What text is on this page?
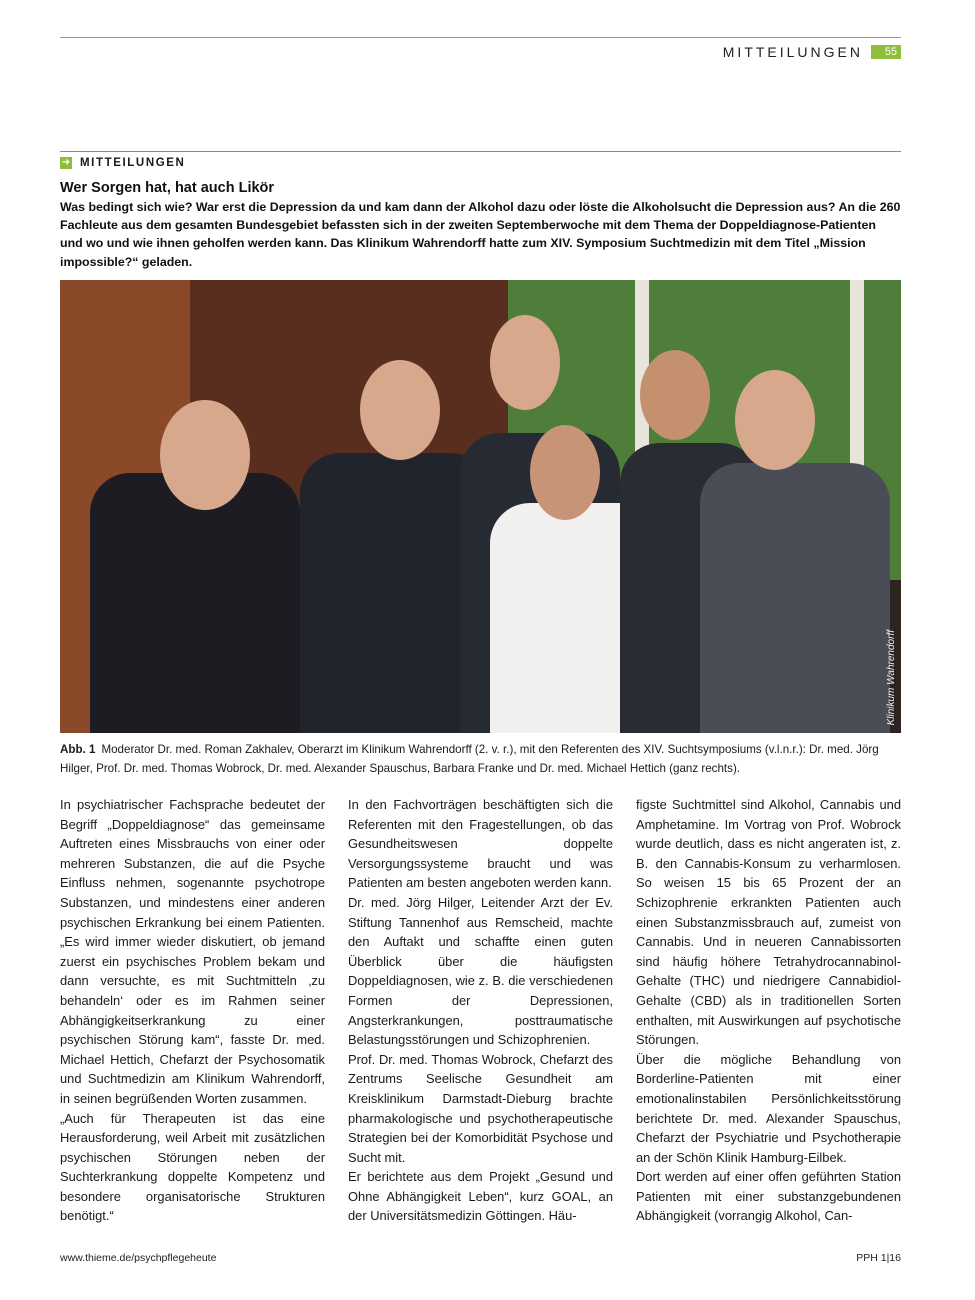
MITTEILUNGEN	55
➜ MITTEILUNGEN
Wer Sorgen hat, hat auch Likör
Was bedingt sich wie? War erst die Depression da und kam dann der Alkohol dazu oder löste die Alkoholsucht die Depression aus? An die 260 Fachleute aus dem gesamten Bundesgebiet befassten sich in der zweiten Septemberwoche mit dem Thema der Doppeldiagnose-Patienten und wo und wie ihnen geholfen werden kann. Das Klinikum Wahrendorff hatte zum XIV. Symposium Suchtmedizin mit dem Titel „Mission impossible?“ geladen.
Klinikum Wahrendorff
Abb. 1 Moderator Dr. med. Roman Zakhalev, Oberarzt im Klinikum Wahrendorff (2. v. r.), mit den Referenten des XIV. Suchtsymposiums (v.l.n.r.): Dr. med. Jörg Hilger, Prof. Dr. med. Thomas Wobrock, Dr. med. Alexander Spauschus, Barbara Franke und Dr. med. Michael Hettich (ganz rechts).

In psychiatrischer Fachsprache bedeutet der Begriff „Doppeldiagnose“ das gemeinsame Auftreten eines Missbrauchs von einer oder mehreren Substanzen, die auf die Psyche Einfluss nehmen, sogenannte psychotrope Substanzen, und mindestens einer anderen psychischen Erkrankung bei einem Patienten. „Es wird immer wieder diskutiert, ob jemand zuerst ein psychisches Problem bekam und dann versuchte, es mit Suchtmitteln ‚zu behandeln‘ oder es im Rahmen seiner Abhängigkeitserkrankung zu einer psychischen Störung kam“, fasste Dr. med. Michael Hettich, Chefarzt der Psychosomatik und Suchtmedizin am Klinikum Wahrendorff, in seinen begrüßenden Worten zusammen.

„Auch für Therapeuten ist das eine Herausforderung, weil Arbeit mit zusätzlichen psychischen Störungen neben der Suchterkrankung doppelte Kompetenz und besondere organisatorische Strukturen benötigt.“

In den Fachvorträgen beschäftigten sich die Referenten mit den Fragestellungen, ob das Gesundheitswesen doppelte Versorgungssysteme braucht und was Patienten am besten angeboten werden kann.

Dr. med. Jörg Hilger, Leitender Arzt der Ev. Stiftung Tannenhof aus Remscheid, machte den Auftakt und schaffte einen guten Überblick über die häufigsten Doppeldiagnosen, wie z. B. die verschiedenen Formen der Depressionen, Angsterkrankungen, posttraumatische Belastungsstörungen und Schizophrenien.

Prof. Dr. med. Thomas Wobrock, Chefarzt des Zentrums Seelische Gesundheit am Kreisklinikum Darmstadt-Dieburg brachte pharmakologische und psychotherapeutische Strategien bei der Komorbidität Psychose und Sucht mit.

Er berichtete aus dem Projekt „Gesund und Ohne Abhängigkeit Leben“, kurz GOAL, an der Universitätsmedizin Göttingen. Häu-

figste Suchtmittel sind Alkohol, Cannabis und Amphetamine. Im Vortrag von Prof. Wobrock wurde deutlich, dass es nicht angeraten ist, z. B. den Cannabis-Konsum zu verharmlosen. So weisen 15 bis 65 Prozent der an Schizophrenie erkrankten Patienten auch einen Substanzmissbrauch auf, zumeist von Cannabis. Und in neueren Cannabissorten sind häufig höhere Tetrahydrocannabinol-Gehalte (THC) und niedrigere Cannabidiol-Gehalte (CBD) als in traditionellen Sorten enthalten, mit Auswirkungen auf psychotische Störungen.

Über die mögliche Behandlung von Borderline-Patienten mit einer emotionalinstabilen Persönlichkeitsstörung berichtete Dr. med. Alexander Spauschus, Chefarzt der Psychiatrie und Psychotherapie an der Schön Klinik Hamburg-Eilbek.

Dort werden auf einer offen geführten Station Patienten mit einer substanzgebundenen Abhängigkeit (vorrangig Alkohol, Can-

www.thieme.de/psychpflegeheute	PPH 1|16
